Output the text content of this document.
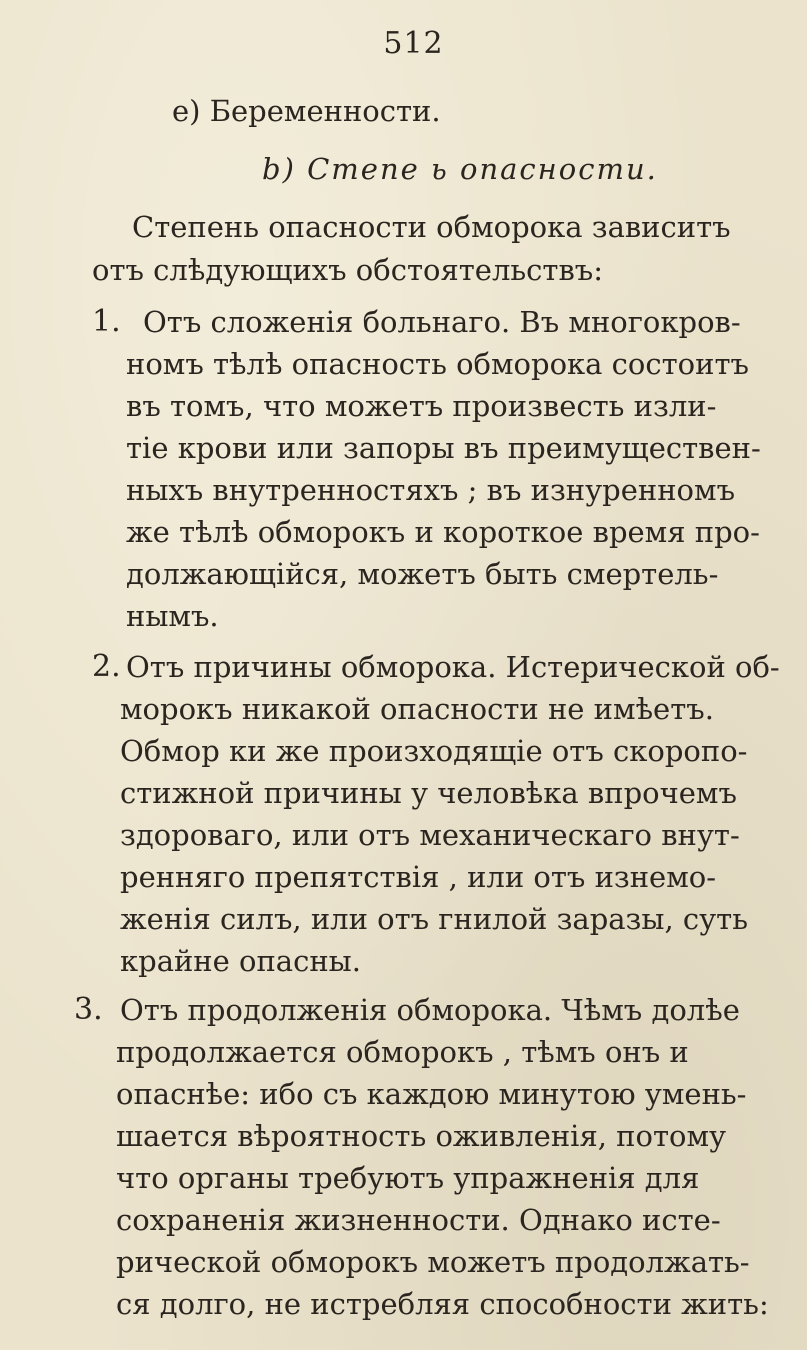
512
e) Беременности.
b) Степе ь опасности.
Степень опасности обморока зависитъ
отъ слѣдующихъ обстоятельствъ:
1. Отъ сложенія больнаго. Въ многокров-
номъ тѣлѣ опасность обморока состоитъ
въ томъ, что можетъ произвесть изли-
тіе крови или запоры въ преимуществен-
ныхъ внутренностяхъ ; въ изнуренномъ
же тѣлѣ обморокъ и короткое время про-
должающійся, можетъ быть смертель-
нымъ.
2. Отъ причины обморока. Истерической об-
морокъ никакой опасности не имѣетъ.
Обмор ки же произходящіе отъ скоропо-
стижной причины у человѣка впрочемъ
здороваго, или отъ механическаго внут-
ренняго препятствія , или отъ изнемо-
женія силъ, или отъ гнилой заразы, суть
крайне опасны.
3. Отъ продолженія обморока. Чѣмъ долѣе
продолжается обморокъ , тѣмъ онъ и
опаснѣе: ибо съ каждою минутою умень-
шается вѣроятность оживленія, потому
что органы требуютъ упражненія для
сохраненія жизненности. Однако исте-
рической обморокъ можетъ продолжать-
ся долго, не истребляя способности жить:
